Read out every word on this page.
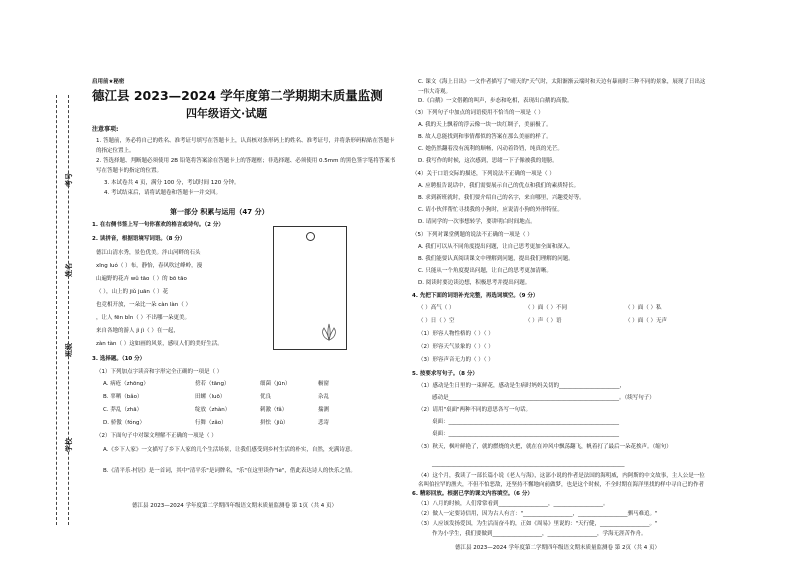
考号
姓名
班级
学校
启用前★秘密
德江县 2023—2024 学年度第二学期期末质量监测
四年级语文·试题
注意事项:
1. 答题前，务必将自己的姓名、准考证号填写在答题卡上，认真核对条形码上的姓名、准考证号，并将条形码粘贴在答题卡的指定位置上。
2. 答选择题、判断题必须使用 2B 铅笔将答案涂在答题卡上的答题框；非选择题、必须使用 0.5mm 的黑色签字笔将答案书写在答题卡的指定的位置。
3. 本试卷共 4 页，满分 100 分，考试时间 120 分钟。
4. 考试结束后，请将试题卷和答题卡一并交回。
第一部分 积累与运用（47 分）
1. 在右侧书签上写一句你喜欢的格言或诗句。（2 分）
2. 读拼音，根据语境写词语。（8 分）
德江山清水秀，景色优美。泮山河畔的石头
xīng luó（ ）布，静怡，春风吹过峰岭，漫
山遍野的花卉 wǔ tāo（ ）的 bō tāo
（ ），山上的 jiǔ juān（ ）花
也竞相开放，一朵比一朵 càn làn（ ）
，让人 fēn bǐn（ ）不出哪一朵更美。
来自各地的游人 jì jì（ ）在一起，
zàn tàn（ ）这如画的风景，感叹人们的美好生活。
3. 选择题。（10 分）
（1）下列加点字读音和字形完全正确的一项是（ ）
A. 病疮（zhōng）	傍若（tāng）	细菌（jūn）	橱窗
B. 辜晒（bǎo）	田螺（luō）	优良	杂乱
C. 莽乱（zhā）	绽放（zhàn）	刺激（fǎ）	揣测
D. 骄傲（fóng）	行舞（zǎo）	拼怯（jiǔ）	悲寄
（2）下面句子中对课文理解不正确的一项是（ ）
A.《乡下人家》一文描写了乡下人家的几个生活场景，让我们感受到乡村生活的朴实，自然，充满诗意。
B.《清平乐·村居》是一首词，其中"清平乐"是词牌名，"乐"在这里读作"lè"，借此表达诗人的快乐之情。
德江县 2023—2024 学年度第二学期四年级语文期末质量监测卷 第 1页（共 4 页）
C. 课文《海上日出》一文作者描写了"晴天的"天气时，太阳渐渐云端时和天边有暴雨时三种不同的景象，展现了日出这一伟大奇观。
D.《白鹅》一文借鹅的叫声，步态和吃相，表现出白鹅的高傲。
（3）下列句子中加点的词语使用不恰当的一项是（ ）
A. 我的天上飘着的浮云像一块一块红绸子，美丽极了。
B. 故人总能找到和事情都似的答案在那么美丽的样了。
C. 她仍然翻着没有流利的顺畅，闪动着铃铛，纯真的光芒。
D. 我写作的时候，这次感到，思绪一下子像被我的翅膀。
（4）关于口语交际的描述，下列说法不正确的一项是（ ）
A. 应聘报告说话中，我们需要展示自己的优点和我们的素质特长。
B. 求到新班就时，我们要介绍自己的名字，来自哪里，兴趣爱好等。
C. 请小伙伴帮忙寻找我的小狗时，应说清小狗的外形特征。
D. 请同学的一次事想转学，要讲明白时间地点。
（5）下列对课堂例题的说法不正确的一项是（ ）
A. 我们可以从不同角度提出问题，让自己思考更加全面和深入。
B. 我们能要认真阅读课文中理解到问题，提出我们理解的问题。
C. 只能从一个角度提出问题，让自己的思考更加清晰。
D. 阅读时要边读边想，积极思考并提出问题。
4. 先把下面的词语补充完整，再选词填空。（9 分）
（ ）高气（ ）	（ ）面（ ）不同	（ ）面（ ）私
（ ）日（ ）空	（ ）声（ ）语	（ ）面（ ）无声
（1）形容人物性格的（ ）（ ）
（2）形容天气景象的（ ）（ ）
（3）形容声音无力的（ ）（ ）
5. 按要求写句子。（8 分）
（1）感动是生日里的一束鲜花，感动是生病时妈妈关切的______________________，
感动是______________________________________________________________。（续写句子）
（2）请用"桌面"两种不同的意思各写一句话。
桌面：______________________________________________________________
桌面：______________________________________________________________
（3）秋天，枫叶鲜艳了，就的燃烧的火把，就在在冲风中飘荡翻飞，帆着打了最后一朵花挨声。（缩句）
______________________________________________________________________
（4）这个月，我读了一部长篇小说《老人与海》，这部小说的作者是法国的海明威，内阿斯的中文故事，主人公是一位名叫伯拉罕的渔夫，不但不怕恶敌，还坚持不懈地向前做梦，也是这个时候，不全时期在海洋里找的样中寻自己的作者
6. 精彩回放。根据已学的课文内容填空。（6 分）
（1）八月的时候，人们常常看到__________________，__________________。
（2）做人一定要诗信用，因为古人有言："__________________，__________________驷马难追。"
（3）人应该发扬爱国，为生活而奋斗的，正如《周易》里说的："天行健，__________________。"
作为小学生，我们要做到__________________，__________________，学海无涯苦作舟。
德江县 2023—2024 学年度第二学期四年级语文期末质量监测卷 第 2页（共 4 页）
